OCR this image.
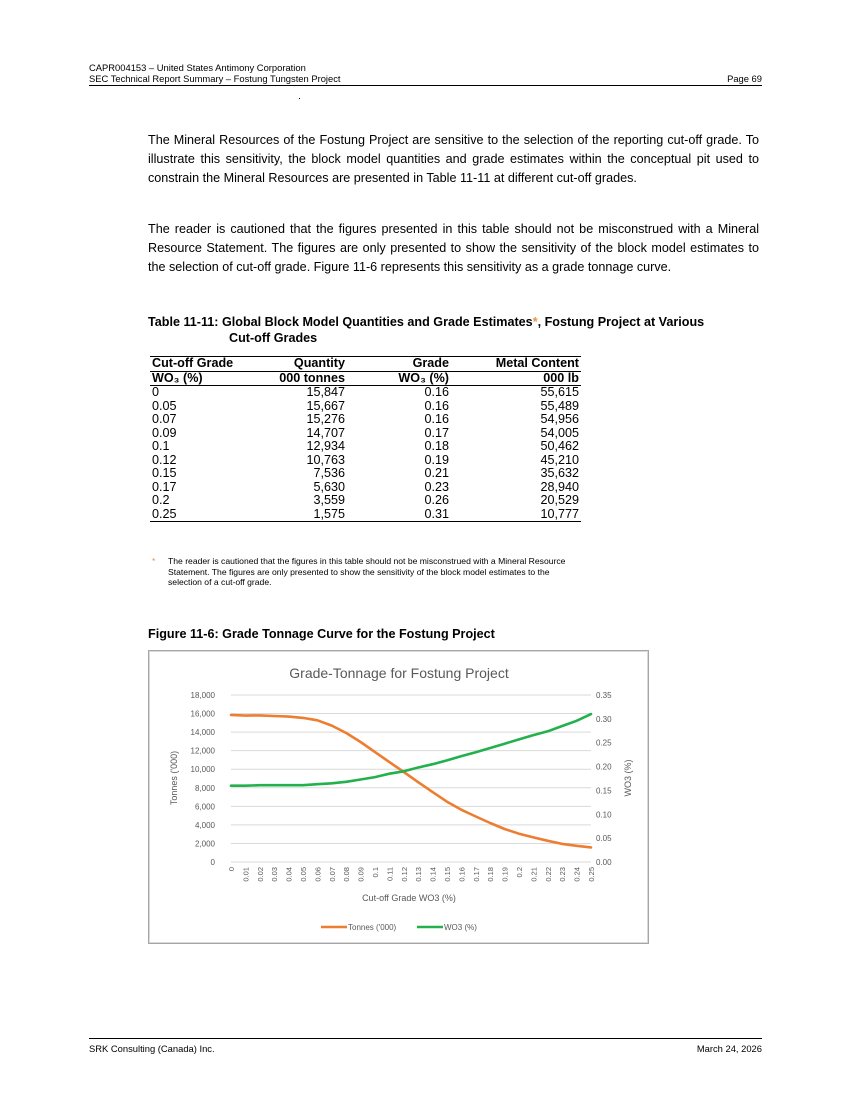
CAPR004153 – United States Antimony Corporation
SEC Technical Report Summary – Fostung Tungsten Project	Page 69

The Mineral Resources of the Fostung Project are sensitive to the selection of the reporting cut-off grade. To illustrate this sensitivity, the block model quantities and grade estimates within the conceptual pit used to constrain the Mineral Resources are presented in Table 11-11 at different cut-off grades.

The reader is cautioned that the figures presented in this table should not be misconstrued with a Mineral Resource Statement. The figures are only presented to show the sensitivity of the block model estimates to the selection of cut-off grade. Figure 11-6 represents this sensitivity as a grade tonnage curve.

Table 11-11: Global Block Model Quantities and Grade Estimates*, Fostung Project at Various
Cut-off Grades
Cut-off Grade	Quantity	Grade	Metal Content
WO₃ (%)	000 tonnes	WO₃ (%)	000 lb
0	15,847	0.16	55,615
0.05	15,667	0.16	55,489
0.07	15,276	0.16	54,956
0.09	14,707	0.17	54,005
0.1	12,934	0.18	50,462
0.12	10,763	0.19	45,210
0.15	7,536	0.21	35,632
0.17	5,630	0.23	28,940
0.2	3,559	0.26	20,529
0.25	1,575	0.31	10,777
*	The reader is cautioned that the figures in this table should not be misconstrued with a Mineral Resource Statement. The figures are only presented to show the sensitivity of the block model estimates to the selection of a cut-off grade.
Figure 11-6: Grade Tonnage Curve for the Fostung Project
Grade-Tonnage for Fostung Project
0
2,000
4,000
6,000
8,000
10,000
12,000
14,000
16,000
18,000
0.00
0.05
0.10
0.15
0.20
0.25
0.30
0.35
0 0.01 0.02 0.03 0.04 0.05 0.06 0.07 0.08 0.09 0.1 0.11 0.12 0.13 0.14 0.15 0.16 0.17 0.18 0.19 0.2 0.21 0.22 0.23 0.24 0.25
Cut-off Grade WO3 (%)
Tonnes ('000)	WO3 (%)
Tonnes ('000)	WO3 (%)
SRK Consulting (Canada) Inc.	March 24, 2026
